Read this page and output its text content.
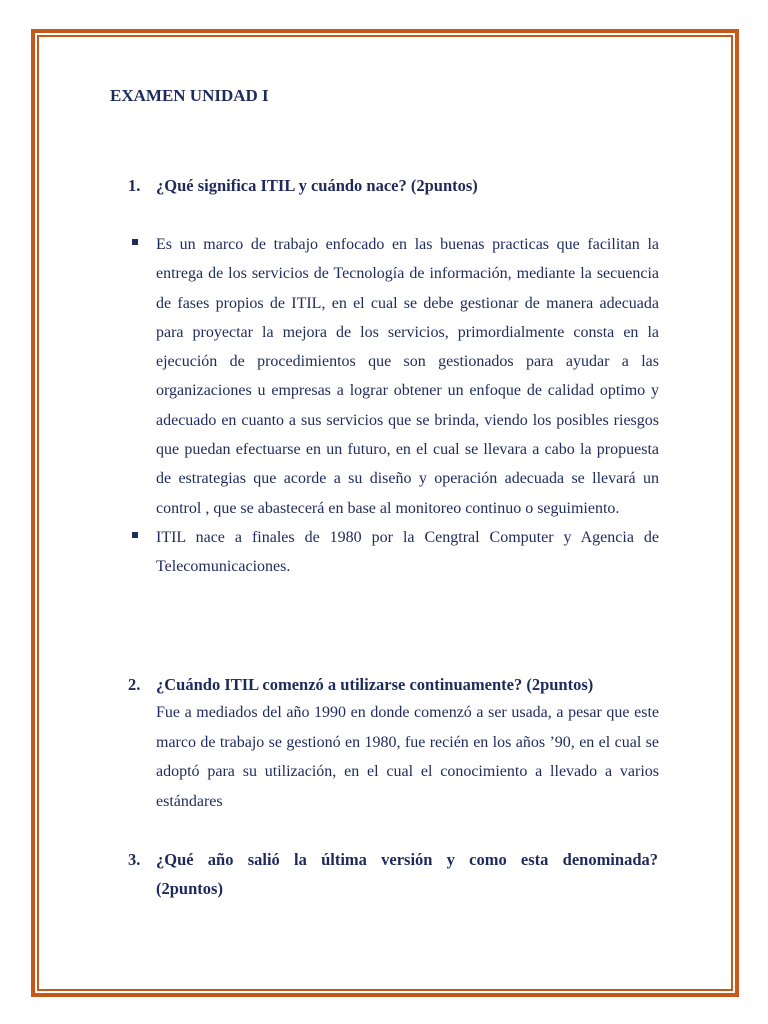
EXAMEN UNIDAD I

1. ¿Qué significa ITIL y cuándo nace? (2puntos)

Es un marco de trabajo enfocado en las buenas practicas que facilitan la entrega de los servicios de Tecnología de información, mediante la secuencia de fases propios de ITIL, en el cual se debe gestionar de manera adecuada para proyectar la mejora de los servicios, primordialmente consta en la ejecución de procedimientos que son gestionados para ayudar a las organizaciones u empresas a lograr obtener un enfoque de calidad optimo y adecuado en cuanto a sus servicios que se brinda, viendo los posibles riesgos que puedan efectuarse en un futuro, en el cual se llevara a cabo la propuesta de estrategias que acorde a su diseño y operación adecuada se llevará un control , que se abastecerá en base al monitoreo continuo o seguimiento.
ITIL nace a finales de 1980 por la Cengtral Computer y Agencia de Telecomunicaciones.

2. ¿Cuándo ITIL comenzó a utilizarse continuamente? (2puntos)

Fue a mediados del año 1990 en donde comenzó a ser usada, a pesar que este marco de trabajo se gestionó en 1980, fue recién en los años ’90, en el cual se adoptó para su utilización, en el cual el conocimiento a llevado a varios estándares

3. ¿Qué año salió la última versión y como esta denominada?
(2puntos)
